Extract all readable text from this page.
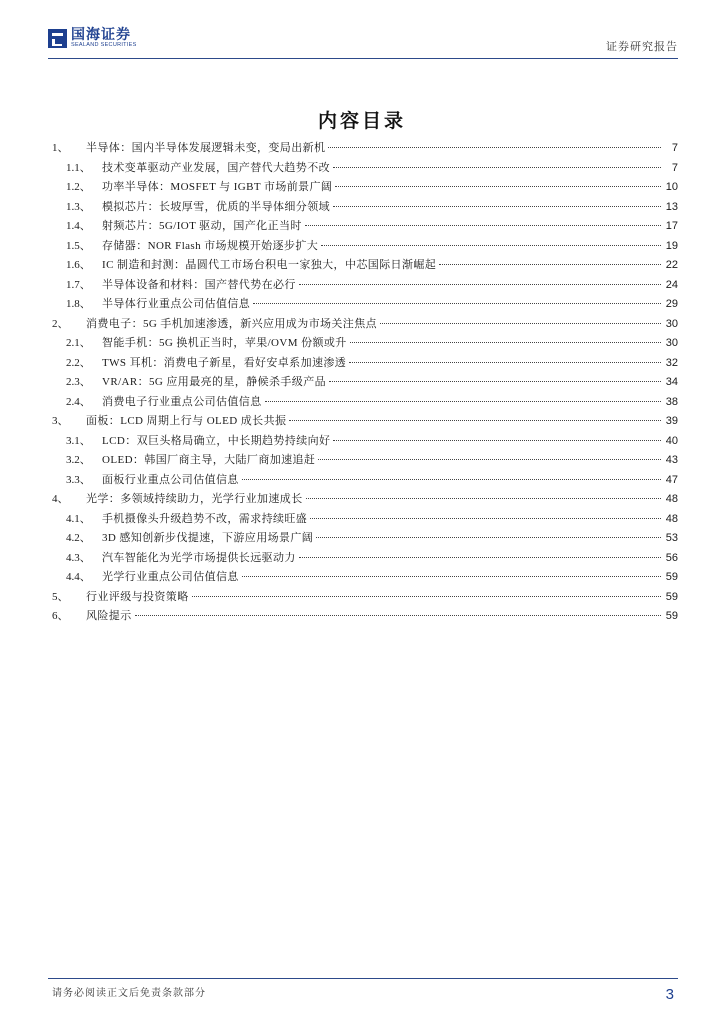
国海证券
SEALAND SECURITIES	证券研究报告
内容目录
1、	半导体：国内半导体发展逻辑未变，变局出新机	7
1.1、	技术变革驱动产业发展，国产替代大趋势不改	7
1.2、	功率半导体：MOSFET 与 IGBT 市场前景广阔	10
1.3、	模拟芯片：长坡厚雪，优质的半导体细分领域	13
1.4、	射频芯片：5G/IOT 驱动，国产化正当时	17
1.5、	存储器：NOR Flash 市场规模开始逐步扩大	19
1.6、	IC 制造和封测：晶圆代工市场台积电一家独大，中芯国际日渐崛起	22
1.7、	半导体设备和材料：国产替代势在必行	24
1.8、	半导体行业重点公司估值信息	29
2、	消费电子：5G 手机加速渗透，新兴应用成为市场关注焦点	30
2.1、	智能手机：5G 换机正当时，苹果/OVM 份额或升	30
2.2、	TWS 耳机：消费电子新星，看好安卓系加速渗透	32
2.3、	VR/AR：5G 应用最亮的星，静候杀手级产品	34
2.4、	消费电子行业重点公司估值信息	38
3、	面板：LCD 周期上行与 OLED 成长共振	39
3.1、	LCD：双巨头格局确立，中长期趋势持续向好	40
3.2、	OLED：韩国厂商主导，大陆厂商加速追赶	43
3.3、	面板行业重点公司估值信息	47
4、	光学：多领域持续助力，光学行业加速成长	48
4.1、	手机摄像头升级趋势不改，需求持续旺盛	48
4.2、	3D 感知创新步伐提速，下游应用场景广阔	53
4.3、	汽车智能化为光学市场提供长远驱动力	56
4.4、	光学行业重点公司估值信息	59
5、	行业评级与投资策略	59
6、	风险提示	59
请务必阅读正文后免责条款部分	3
